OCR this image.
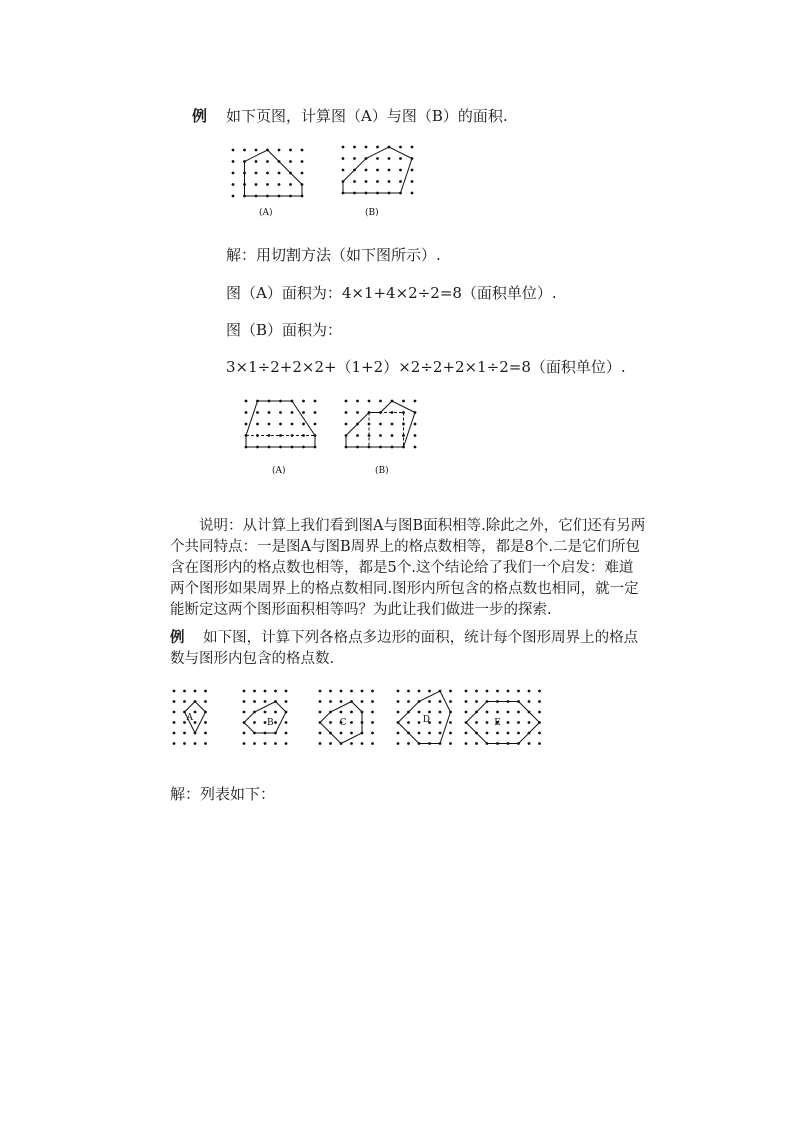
例 如下页图，计算图（A）与图（B）的面积.
(A)	(B)
解：用切割方法（如下图所示）.
图（A）面积为：4×1+4×2÷2=8（面积单位）.
图（B）面积为：
3×1÷2+2×2+（1+2）×2÷2+2×1÷2=8（面积单位）.
(A)	(B)
说明：从计算上我们看到图A与图B面积相等.除此之外，它们还有另两个共同特点：一是图A与图B周界上的格点数相等，都是8个.二是它们所包含在图形内的格点数也相等，都是5个.这个结论给了我们一个启发：难道两个图形如果周界上的格点数相同.图形内所包含的格点数也相同，就一定能断定这两个图形面积相等吗？为此让我们做进一步的探索.
例 如下图，计算下列各格点多边形的面积，统计每个图形周界上的格点数与图形内包含的格点数.
A
B	C	D	E
解：列表如下：
